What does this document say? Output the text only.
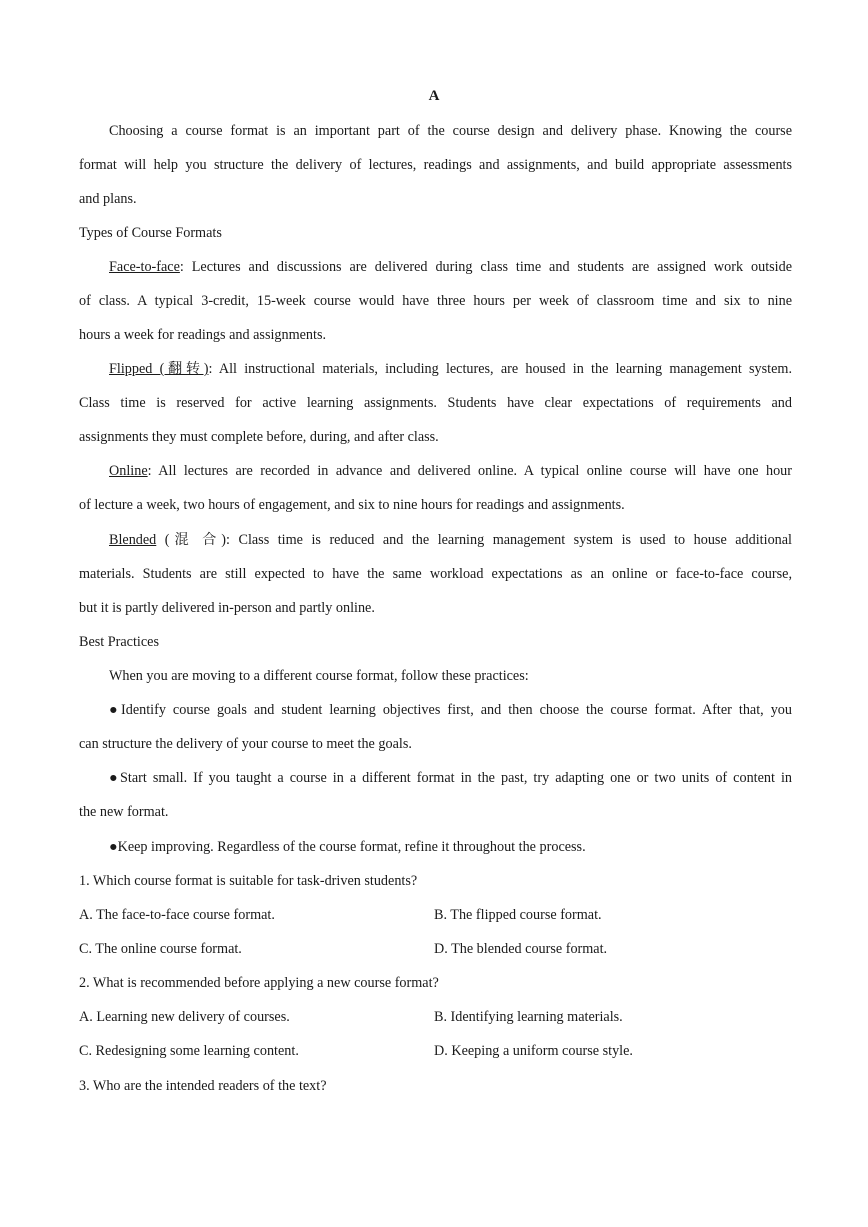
A
Choosing a course format is an important part of the course design and delivery phase. Knowing the course
format will help you structure the delivery of lectures, readings and assignments, and build appropriate assessments
and plans.
Types of Course Formats
Face-to-face: Lectures and discussions are delivered during class time and students are assigned work outside
of class. A typical 3-credit, 15-week course would have three hours per week of classroom time and six to nine
hours a week for readings and assignments.
Flipped (翻转): All instructional materials, including lectures, are housed in the learning management system.
Class time is reserved for active learning assignments. Students have clear expectations of requirements and
assignments they must complete before, during, and after class.
Online: All lectures are recorded in advance and delivered online. A typical online course will have one hour
of lecture a week, two hours of engagement, and six to nine hours for readings and assignments.
Blended (混 合): Class time is reduced and the learning management system is used to house additional
materials. Students are still expected to have the same workload expectations as an online or face-to-face course,
but it is partly delivered in-person and partly online.
Best Practices
When you are moving to a different course format, follow these practices:
●Identify course goals and student learning objectives first, and then choose the course format. After that, you
can structure the delivery of your course to meet the goals.
●Start small. If you taught a course in a different format in the past, try adapting one or two units of content in
the new format.
●Keep improving. Regardless of the course format, refine it throughout the process.
1. Which course format is suitable for task-driven students?
A. The face-to-face course format.	B. The flipped course format.
C. The online course format.	D. The blended course format.
2. What is recommended before applying a new course format?
A. Learning new delivery of courses.	B. Identifying learning materials.
C. Redesigning some learning content.	D. Keeping a uniform course style.
3. Who are the intended readers of the text?
